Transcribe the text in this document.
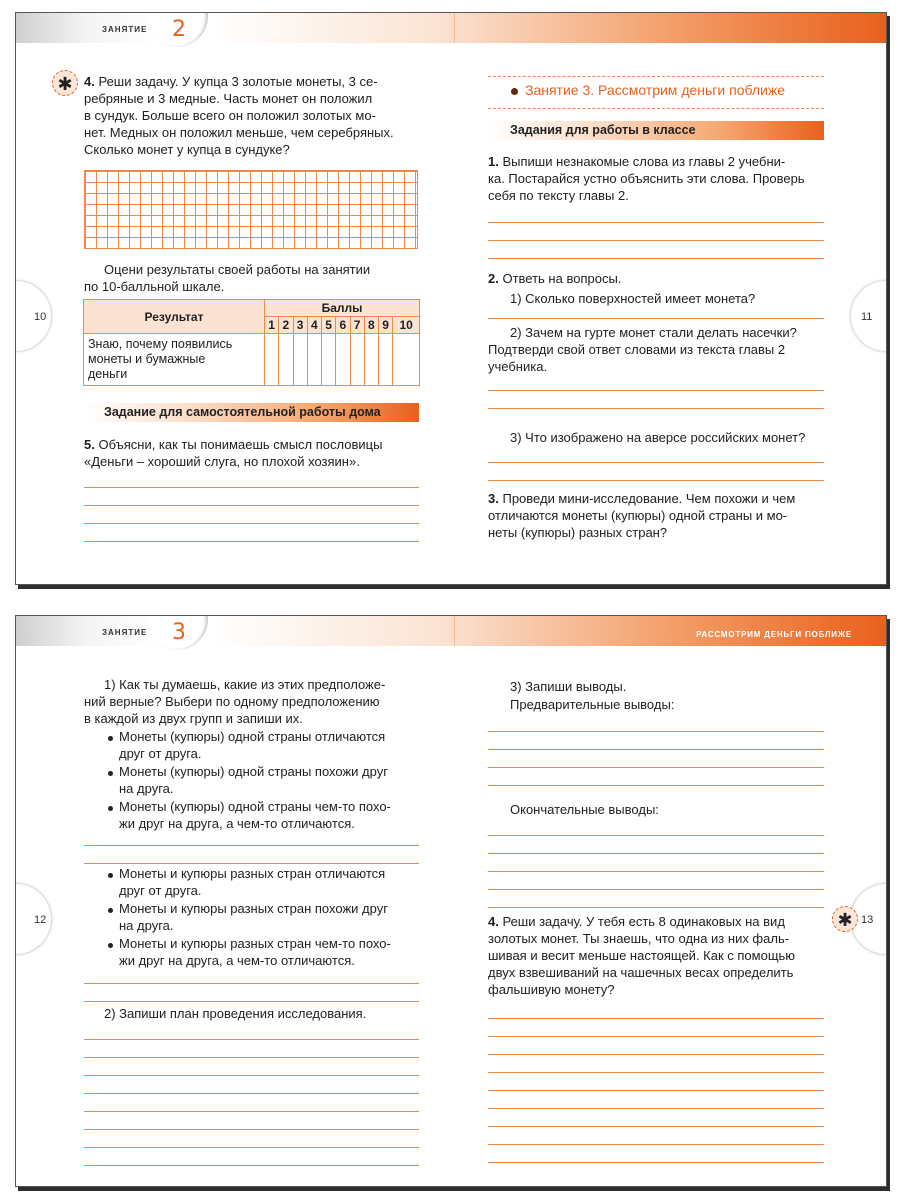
ЗАНЯТИЕ 2
10	11
✱ 4. Реши задачу. У купца 3 золотые монеты, 3 се-
ребряные и 3 медные. Часть монет он положил
в сундук. Больше всего он положил золотых мо-
нет. Медных он положил меньше, чем серебряных.
Сколько монет у купца в сундуке?
Оцени результаты своей работы на занятии
по 10-балльной шкале.
Результат	Баллы									
	1	2	3	4	5	6	7	8	9	10

Знаю, почему появились
монеты и бумажные
деньги										

Задание для самостоятельной работы дома
5. Объясни, как ты понимаешь смысл пословицы
«Деньги – хороший слуга, но плохой хозяин».
Занятие 3. Рассмотрим деньги поближе
Задания для работы в классе
1. Выпиши незнакомые слова из главы 2 учебни-
ка. Постарайся устно объяснить эти слова. Проверь
себя по тексту главы 2.
2. Ответь на вопросы.
1) Сколько поверхностей имеет монета?
2) Зачем на гурте монет стали делать насечки?
Подтверди свой ответ словами из текста главы 2
учебника.
3) Что изображено на аверсе российских монет?
3. Проведи мини-исследование. Чем похожи и чем
отличаются монеты (купюры) одной страны и мо-
неты (купюры) разных стран?
ЗАНЯТИЕ 3	РАССМОТРИМ ДЕНЬГИ ПОБЛИЖЕ
12	13
1) Как ты думаешь, какие из этих предположе-
ний верные? Выбери по одному предположению
в каждой из двух групп и запиши их.
Монеты (купюры) одной страны отличаются
друг от друга.
Монеты (купюры) одной страны похожи друг
на друга.
Монеты (купюры) одной страны чем-то похо-
жи друг на друга, а чем-то отличаются.
Монеты и купюры разных стран отличаются
друг от друга.
Монеты и купюры разных стран похожи друг
на друга.
Монеты и купюры разных стран чем-то похо-
жи друг на друга, а чем-то отличаются.
2) Запиши план проведения исследования.
3) Запиши выводы.
Предварительные выводы:
Окончательные выводы:
✱
4. Реши задачу. У тебя есть 8 одинаковых на вид
золотых монет. Ты знаешь, что одна из них фаль-
шивая и весит меньше настоящей. Как с помощью
двух взвешиваний на чашечных весах определить
фальшивую монету?
